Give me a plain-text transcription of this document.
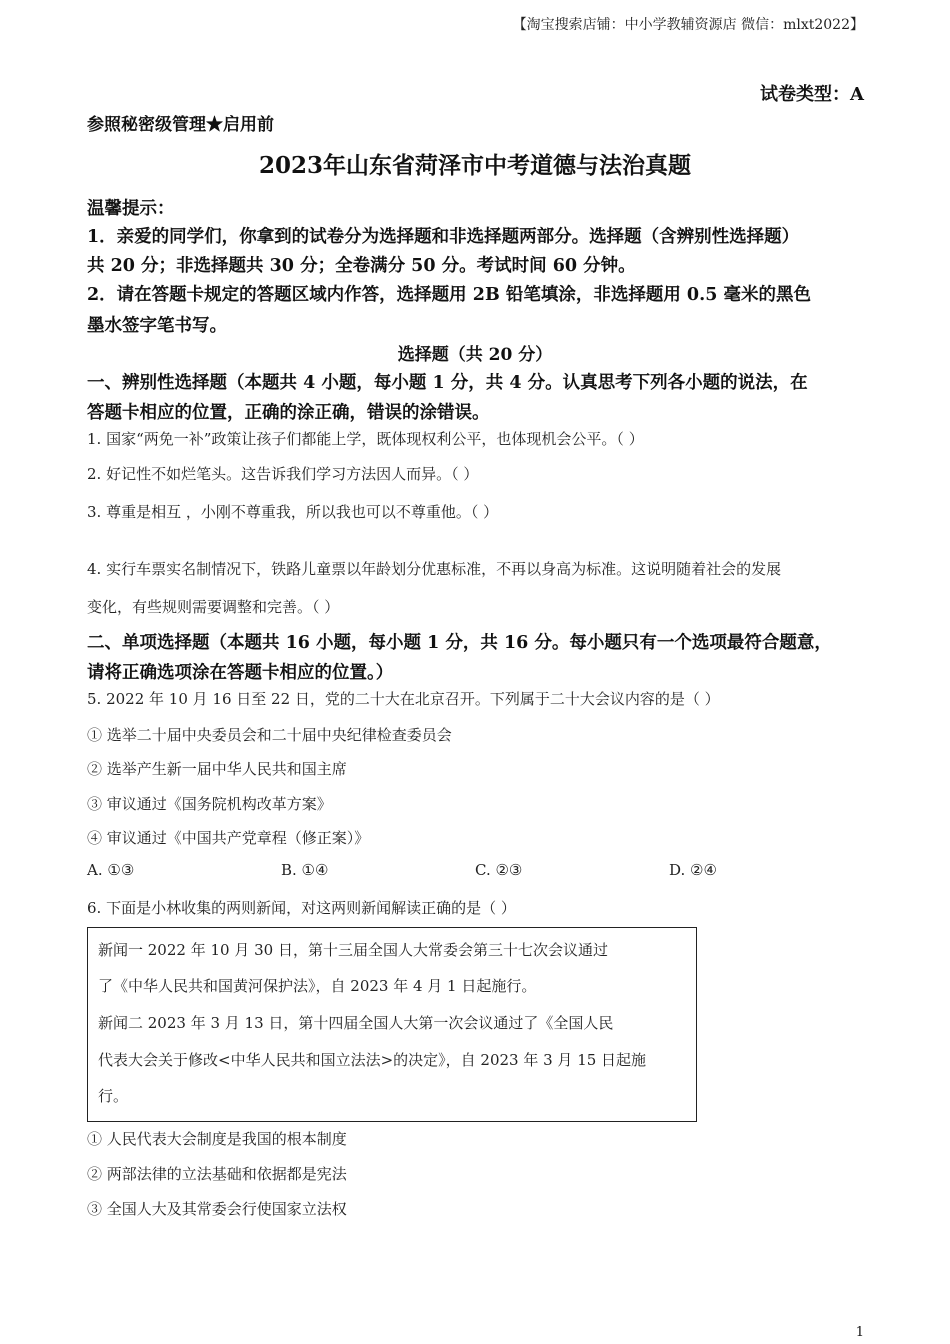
【淘宝搜索店铺：中小学教辅资源店 微信：mlxt2022】
试卷类型：A
参照秘密级管理★启用前
2023年山东省菏泽市中考道德与法治真题
温馨提示：
1．亲爱的同学们，你拿到的试卷分为选择题和非选择题两部分。选择题（含辨别性选择题）
共 20 分；非选择题共 30 分；全卷满分 50 分。考试时间 60 分钟。
2．请在答题卡规定的答题区域内作答，选择题用 2B 铅笔填涂，非选择题用 0.5 毫米的黑色
墨水签字笔书写。
选择题（共 20 分）
一、辨别性选择题（本题共 4 小题，每小题 1 分，共 4 分。认真思考下列各小题的说法，在
答题卡相应的位置，正确的涂正确，错误的涂错误。
1. 国家“两免一补”政策让孩子们都能上学，既体现权利公平，也体现机会公平。（ ）
2. 好记性不如烂笔头。这告诉我们学习方法因人而异。（ ）
3. 尊重是相互 ，小刚不尊重我，所以我也可以不尊重他。（ ）
4. 实行车票实名制情况下，铁路儿童票以年龄划分优惠标准，不再以身高为标准。这说明随着社会的发展
变化，有些规则需要调整和完善。（ ）
二、单项选择题（本题共 16 小题，每小题 1 分，共 16 分。每小题只有一个选项最符合题意，
请将正确选项涂在答题卡相应的位置。）
5. 2022 年 10 月 16 日至 22 日，党的二十大在北京召开。下列属于二十大会议内容的是（ ）
① 选举二十届中央委员会和二十届中央纪律检查委员会
② 选举产生新一届中华人民共和国主席
③ 审议通过《国务院机构改革方案》
④ 审议通过《中国共产党章程（修正案）》
A. ①③	B. ①④	C. ②③	D. ②④
6. 下面是小林收集的两则新闻，对这两则新闻解读正确的是（ ）
新闻一 2022 年 10 月 30 日，第十三届全国人大常委会第三十七次会议通过
了《中华人民共和国黄河保护法》，自 2023 年 4 月 1 日起施行。
新闻二 2023 年 3 月 13 日，第十四届全国人大第一次会议通过了《全国人民
代表大会关于修改<中华人民共和国立法法>的决定》，自 2023 年 3 月 15 日起施
行。
① 人民代表大会制度是我国的根本制度
② 两部法律的立法基础和依据都是宪法
③ 全国人大及其常委会行使国家立法权
1
